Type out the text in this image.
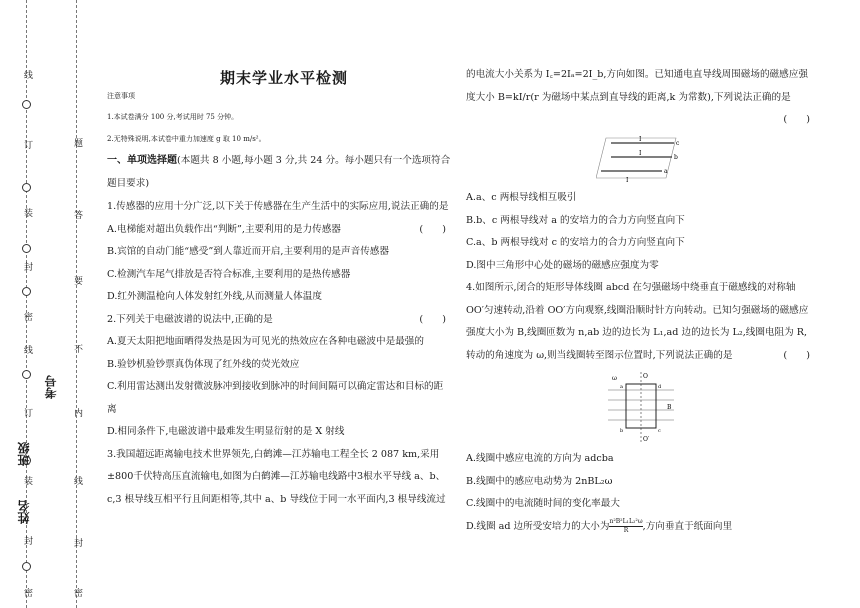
线
订
装
封
密
线
订
装
封
密
题
答
要
不
内
线
封
密
考号
班级
姓名
期末学业水平检测
注意事项
1.本试卷满分 100 分,考试用时 75 分钟。
2.无特殊说明,本试卷中重力加速度 g 取 10 m/s²。
一、单项选择题(本题共 8 小题,每小题 3 分,共 24 分。每小题只有一个选项符合题目要求)

1.传感器的应用十分广泛,以下关于传感器在生产生活中的实际应用,说法正确的是
(　　)

A.电梯能对超出负载作出“判断”,主要利用的是力传感器

B.宾馆的自动门能“感受”到人靠近而开启,主要利用的是声音传感器

C.检测汽车尾气排放是否符合标准,主要利用的是热传感器

D.红外测温枪向人体发射红外线,从而测量人体温度

2.下列关于电磁波谱的说法中,正确的是	(　　)

A.夏天太阳把地面晒得发热是因为可见光的热效应在各种电磁波中是最强的

B.验钞机验钞票真伪体现了红外线的荧光效应

C.利用雷达测出发射微波脉冲到接收到脉冲的时间间隔可以确定雷达和目标的距离

D.相同条件下,电磁波谱中最难发生明显衍射的是 X 射线

3.我国超远距离输电技术世界领先,白鹤滩—江苏输电工程全长 2 087 km,采用±800千伏特高压直流输电,如图为白鹤滩—江苏输电线路中3根水平导线 a、b、c,3 根导线互相平行且间距相等,其中 a、b 导线位于同一水平面内,3 根导线流过

的电流大小关系为 I꜀=2Iₐ=2I_b,方向如图。已知通电直导线周围磁场的磁感应强度大小 B=kI/r(r 为磁场中某点到直导线的距离,k 为常数),下列说法正确的是

(　　)

I
I
I
c
b
a

A.a、c 两根导线相互吸引

B.b、c 两根导线对 a 的安培力的合力方向竖直向下

C.a、b 两根导线对 c 的安培力的合力方向竖直向下

D.图中三角形中心处的磁场的磁感应强度为零

4.如图所示,闭合的矩形导体线圈 abcd 在匀强磁场中绕垂直于磁感线的对称轴 OO′匀速转动,沿着 OO′方向观察,线圈沿顺时针方向转动。已知匀强磁场的磁感应强度大小为 B,线圈匝数为 n,ab 边的边长为 L₁,ad 边的边长为 L₂,线圈电阻为 R,转动的角速度为 ω,则当线圈转至图示位置时,下列说法正确的是	(　　)

ω	O
a	d
b	c
B
O′

A.线圈中感应电流的方向为 adcba

B.线圈中的感应电动势为 2nBL₂ω

C.线圈中的电流随时间的变化率最大

D.线圈 ad 边所受安培力的大小为 $\frac{\text{n²B²L₁L₂²ω}}{R}$ ,方向垂直于纸面向里
